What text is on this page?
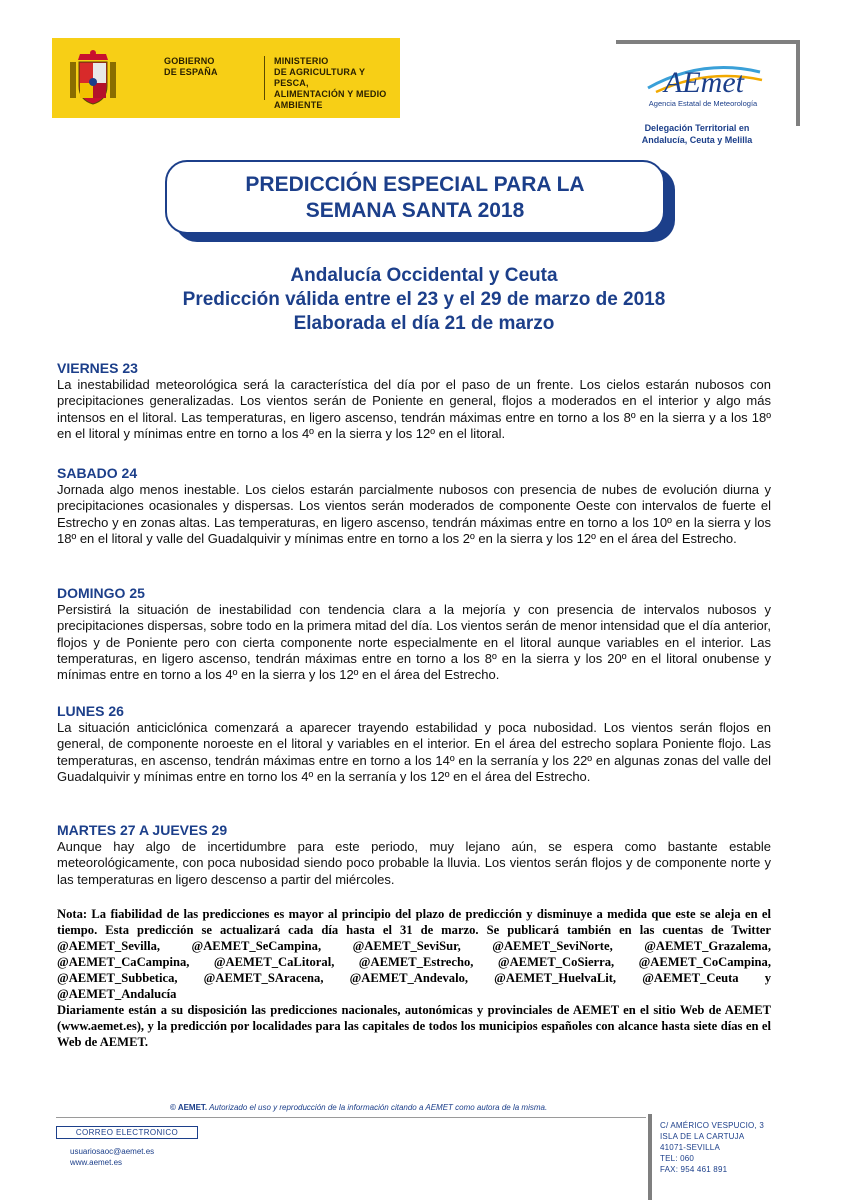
GOBIERNO
DE ESPAÑA
MINISTERIO
DE AGRICULTURA Y PESCA,
ALIMENTACIÓN Y MEDIO AMBIENTE
AEmet
Agencia Estatal de Meteorología
Delegación Territorial en
Andalucía, Ceuta y Melilla
PREDICCIÓN ESPECIAL PARA LA
SEMANA SANTA 2018
Andalucía Occidental y Ceuta
Predicción válida entre el 23 y el 29 de marzo de 2018
Elaborada el día 21 de marzo

VIERNES 23

La inestabilidad meteorológica será la característica del día por el paso de un frente. Los cielos estarán nubosos con precipitaciones generalizadas. Los vientos serán de Poniente en general, flojos a moderados en el interior y algo más intensos en el litoral. Las temperaturas, en ligero ascenso, tendrán máximas entre en torno a los 8º en la sierra y a los 18º en el litoral y mínimas entre en torno a los 4º en la sierra y los 12º en el litoral.

SABADO 24

Jornada algo menos inestable. Los cielos estarán parcialmente nubosos con presencia de nubes de evolución diurna y precipitaciones ocasionales y dispersas. Los vientos serán moderados de componente Oeste con intervalos de fuerte el Estrecho y en zonas altas. Las temperaturas, en ligero ascenso, tendrán máximas entre en torno a los 10º en la sierra y los 18º en el litoral y valle del Guadalquivir y mínimas entre en torno a los 2º en la sierra y los 12º en el área del Estrecho.

DOMINGO 25

Persistirá la situación de inestabilidad con tendencia clara a la mejoría y con presencia de intervalos nubosos y precipitaciones dispersas, sobre todo en la primera mitad del día. Los vientos serán de menor intensidad que el día anterior, flojos y de Poniente pero con cierta componente norte especialmente en el litoral aunque variables en el interior. Las temperaturas, en ligero ascenso, tendrán máximas entre en torno a los 8º en la sierra y los 20º en el litoral onubense y mínimas entre en torno a los 4º en la sierra y los 12º en el área del Estrecho.

LUNES 26

La situación anticiclónica comenzará a aparecer trayendo estabilidad y poca nubosidad. Los vientos serán flojos en general, de componente noroeste en el litoral y variables en el interior. En el área del estrecho soplara Poniente flojo. Las temperaturas, en ascenso, tendrán máximas entre en torno a los 14º en la serranía y los 22º en algunas zonas del valle del Guadalquivir y mínimas entre en torno los 4º en la serranía y los 12º en el área del Estrecho.

MARTES 27 A JUEVES 29

Aunque hay algo de incertidumbre para este periodo, muy lejano aún, se espera como bastante estable meteorológicamente, con poca nubosidad siendo poco probable la lluvia. Los vientos serán flojos y de componente norte y las temperaturas en ligero descenso a partir del miércoles.

Nota: La fiabilidad de las predicciones es mayor al principio del plazo de predicción y disminuye a medida que este se aleja en el tiempo. Esta predicción se actualizará cada día hasta el 31 de marzo. Se publicará también en las cuentas de Twitter @AEMET_Sevilla, @AEMET_SeCampina, @AEMET_SeviSur, @AEMET_SeviNorte, @AEMET_Grazalema, @AEMET_CaCampina, @AEMET_CaLitoral, @AEMET_Estrecho, @AEMET_CoSierra, @AEMET_CoCampina, @AEMET_Subbetica, @AEMET_SAracena, @AEMET_Andevalo, @AEMET_HuelvaLit, @AEMET_Ceuta y @AEMET_Andalucía

Diariamente están a su disposición las predicciones nacionales, autonómicas y provinciales de AEMET en el sitio Web de AEMET (www.aemet.es), y la predicción por localidades para las capitales de todos los municipios españoles con alcance hasta siete días en el Web de AEMET.

© AEMET. Autorizado el uso y reproducción de la información citando a AEMET como autora de la misma.
CORREO ELECTRONICO
usuariosaoc@aemet.es
www.aemet.es
C/ AMÉRICO VESPUCIO, 3
ISLA DE LA CARTUJA
41071-SEVILLA
TEL: 060
FAX: 954 461 891
